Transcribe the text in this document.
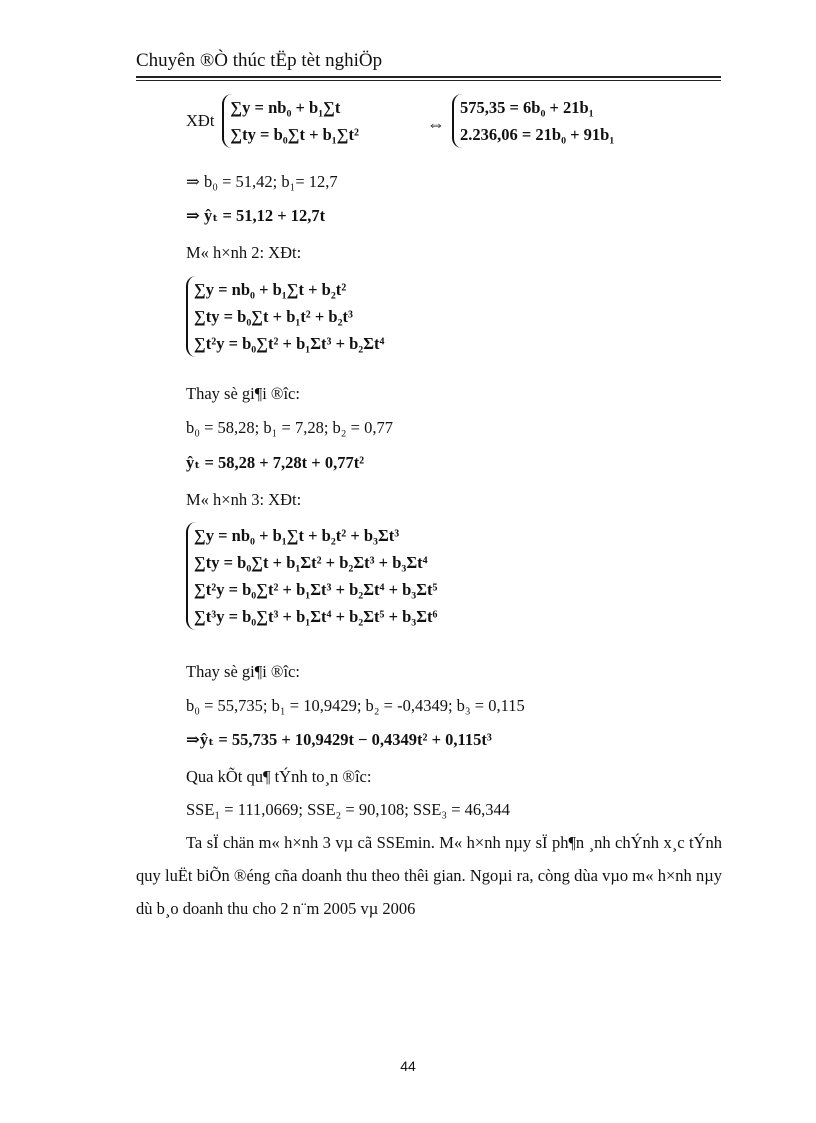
Chuyên ®Ò thúc tËp tèt nghiÖp
XÐt
∑y = nb₀ + b₁∑t
∑ty = b₀∑t + b₁∑t²
⇔
575,35 = 6b₀ + 21b₁
2.236,06 = 21b₀ + 91b₁
⇒ b₀ = 51,42; b₁= 12,7
⇒ ŷₜ = 51,12 + 12,7t
M« h×nh 2: XÐt:
∑y = nb₀ + b₁∑t + b₂t²
∑ty = b₀∑t + b₁t² + b₂t³
∑t²y = b₀∑t² + b₁Σt³ + b₂Σt⁴
Thay sè gi¶i ®îc:
b₀ = 58,28; b₁ = 7,28; b₂ = 0,77
ŷₜ = 58,28 + 7,28t + 0,77t²
M« h×nh 3: XÐt:
∑y = nb₀ + b₁∑t + b₂t² + b₃Σt³
∑ty = b₀∑t + b₁Σt² + b₂Σt³ + b₃Σt⁴
∑t²y = b₀∑t² + b₁Σt³ + b₂Σt⁴ + b₃Σt⁵
∑t³y = b₀∑t³ + b₁Σt⁴ + b₂Σt⁵ + b₃Σt⁶
Thay sè gi¶i ®îc:
b₀ = 55,735; b₁ = 10,9429; b₂ = -0,4349; b₃ = 0,115
⇒ŷₜ = 55,735 + 10,9429t − 0,4349t² + 0,115t³
Qua kÕt qu¶ tÝnh to¸n ®îc:
SSE₁ = 111,0669; SSE₂ = 90,108; SSE₃ = 46,344
Ta sÏ chän m« h×nh 3 vµ cã SSEmin. M« h×nh nµy sÏ ph¶n ¸nh chÝnh x¸c tÝnh quy luËt biÕn ®éng cña doanh thu theo thêi gian. Ngoµi ra, còng dùa vµo m« h×nh nµy dù b¸o doanh thu cho 2 n¨m 2005 vµ 2006
44
